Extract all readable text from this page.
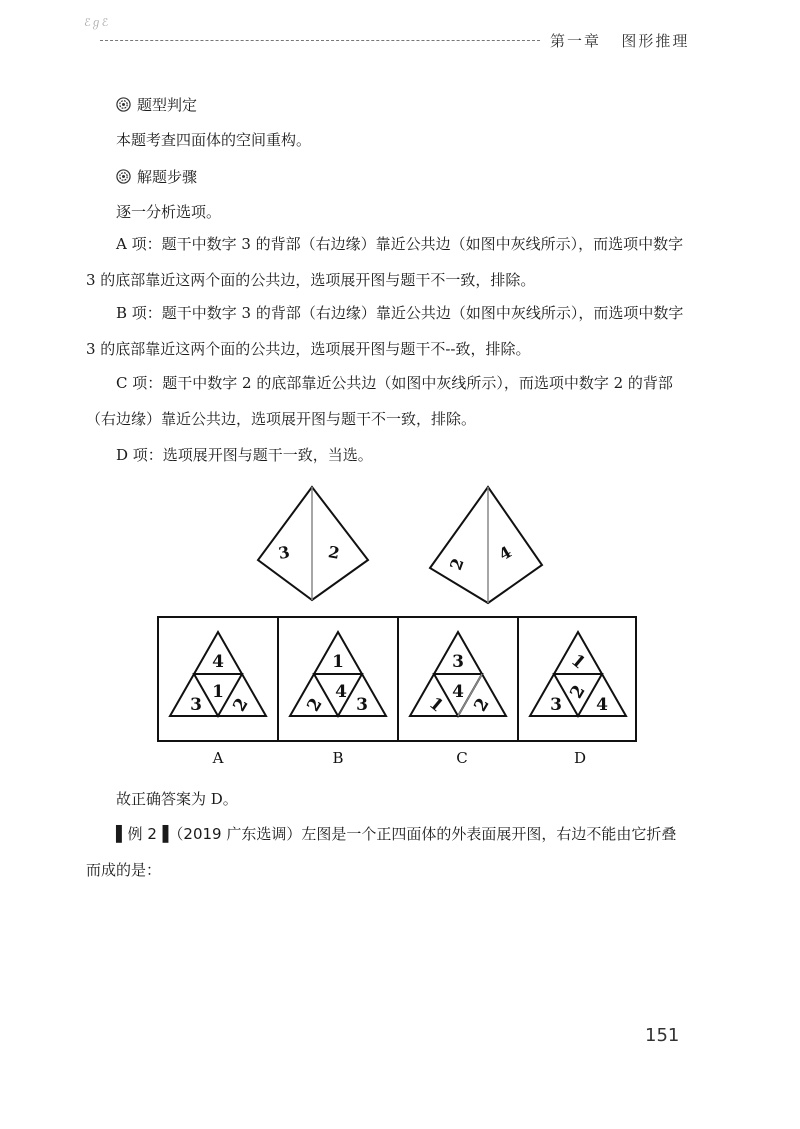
ℰℊℰ
第一章 图形推理
题型判定
本题考查四面体的空间重构。
解题步骤
逐一分析选项。
A 项：题干中数字 3 的背部（右边缘）靠近公共边（如图中灰线所示），而选项中数字 3 的底部靠近这两个面的公共边，选项展开图与题干不一致，排除。
B 项：题干中数字 3 的背部（右边缘）靠近公共边（如图中灰线所示），而选项中数字 3 的底部靠近这两个面的公共边，选项展开图与题干不--致，排除。
C 项：题干中数字 2 的底部靠近公共边（如图中灰线所示），而选项中数字 2 的背部（右边缘）靠近公共边，选项展开图与题干不一致，排除。
D 项：选项展开图与题干一致，当选。
3 2
2 4
4
1
3 2
1
4
2 3
3
4
1 2
1
2
3 4
A	B	C	D
故正确答案为 D。
▌例 2▐（2019 广东选调）左图是一个正四面体的外表面展开图，右边不能由它折叠而成的是：
151
